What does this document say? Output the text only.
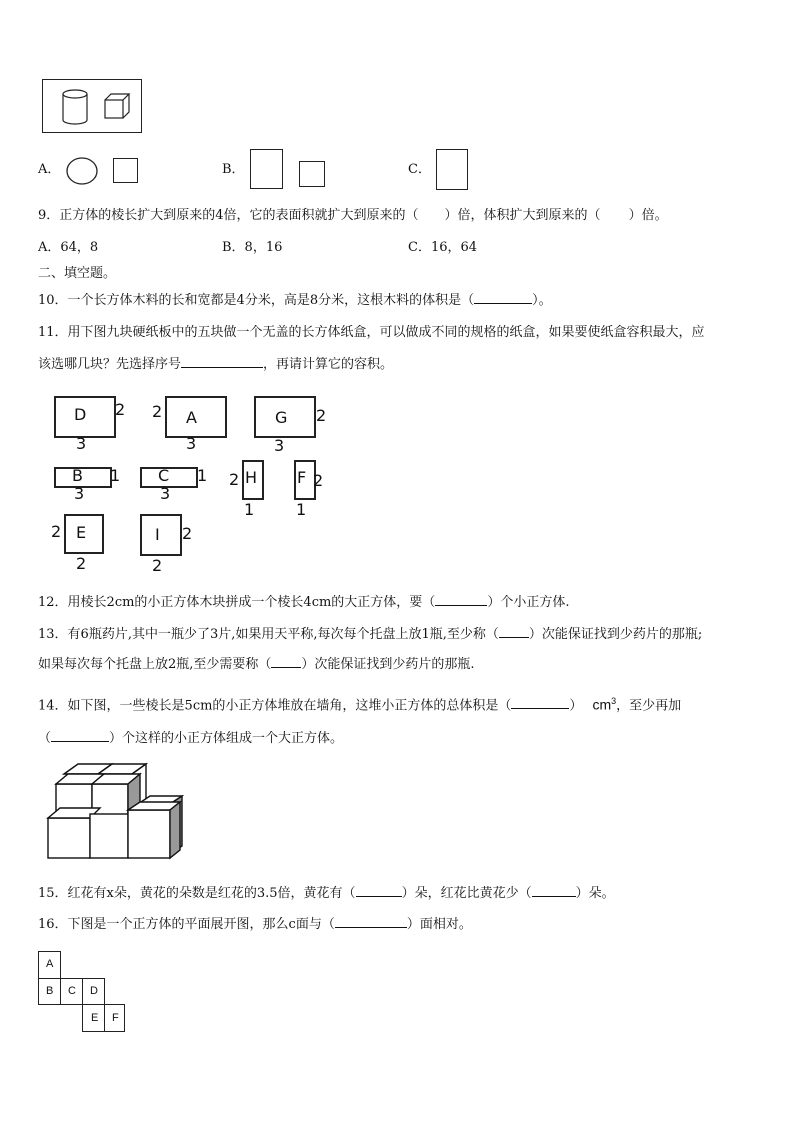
A．	B．	C．
9．正方体的棱长扩大到原来的4倍，它的表面积就扩大到原来的（ ）倍，体积扩大到原来的（ ）倍。
A．64，8	B．8，16	C．16，64
二、填空题。
10．一个长方体木料的长和宽都是4分米，高是8分米，这根木料的体积是（	）。
11．用下图九块硬纸板中的五块做一个无盖的长方体纸盒，可以做成不同的规格的纸盒，如果要使纸盒容积最大，应
该选哪几块？先选择序号	，再请计算它的容积。
D 2
3
A
2
3
G 2
3
B 1
3
C 1
3
H
2
1
F 2
1
E
2
2
I 2
2
12．用棱长2cm的小正方体木块拼成一个棱长4cm的大正方体，要（	）个小正方体.
13．有6瓶药片,其中一瓶少了3片,如果用天平称,每次每个托盘上放1瓶,至少称（ ）次能保证找到少药片的那瓶;
如果每次每个托盘上放2瓶,至少需要称（ ）次能保证找到少药片的那瓶.
14．如下图，一些棱长是5cm的小正方体堆放在墙角，这堆小正方体的总体积是（	） $cm^3$，至少再加
（	）个这样的小正方体组成一个大正方体。
15．红花有x朵，黄花的朵数是红花的3.5倍，黄花有（	）朵，红花比黄花少（	）朵。
16．下图是一个正方体的平面展开图，那么c面与（	）面相对。
A
B C D
E F
